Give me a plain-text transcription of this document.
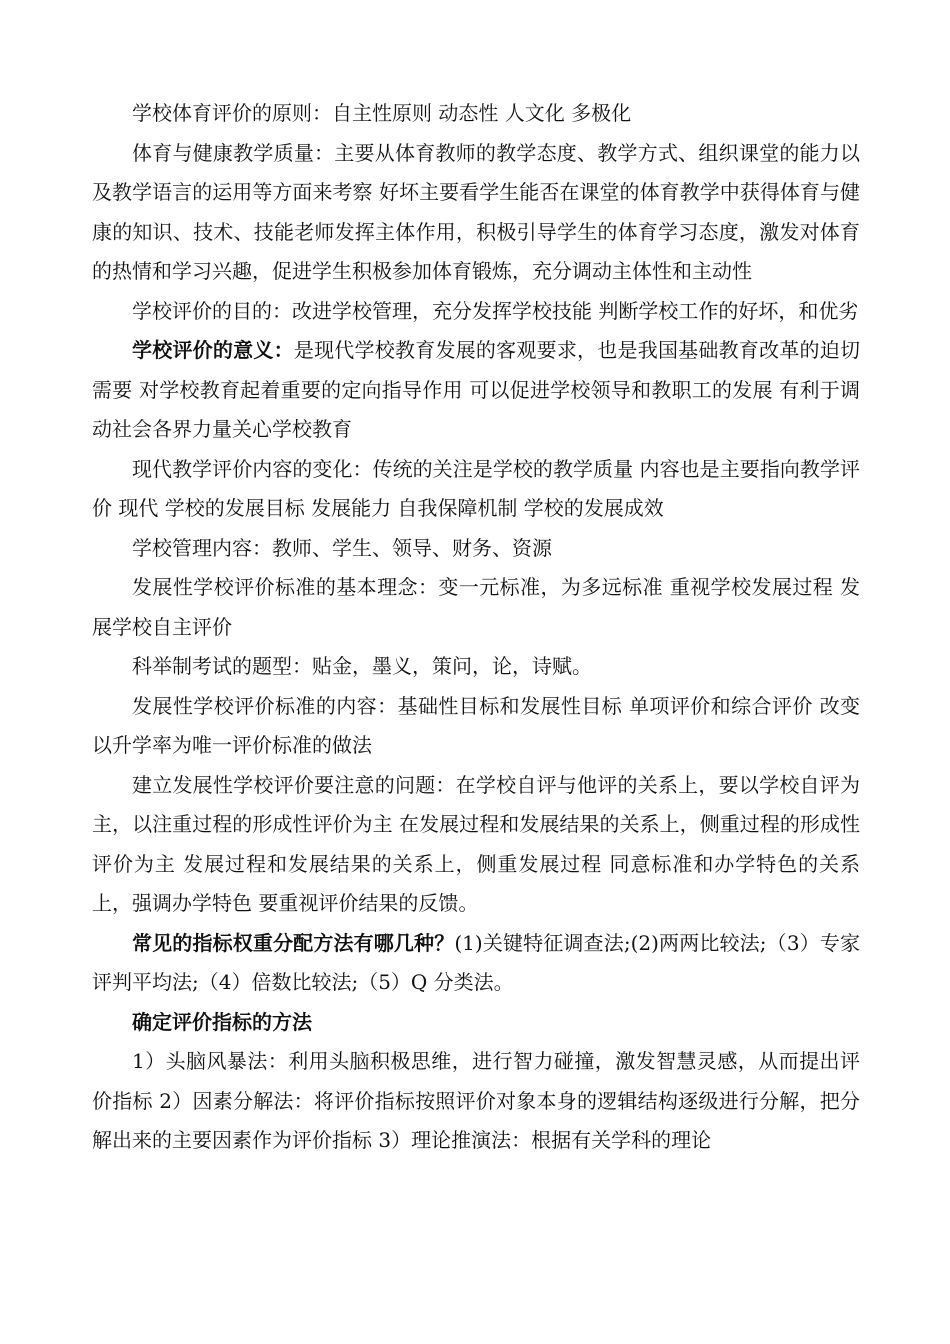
学校体育评价的原则：自主性原则 动态性 人文化 多极化

体育与健康教学质量：主要从体育教师的教学态度、教学方式、组织课堂的能力以及教学语言的运用等方面来考察 好坏主要看学生能否在课堂的体育教学中获得体育与健康的知识、技术、技能老师发挥主体作用，积极引导学生的体育学习态度，激发对体育的热情和学习兴趣，促进学生积极参加体育锻炼，充分调动主体性和主动性

学校评价的目的：改进学校管理，充分发挥学校技能 判断学校工作的好坏，和优劣

学校评价的意义：是现代学校教育发展的客观要求，也是我国基础教育改革的迫切需要 对学校教育起着重要的定向指导作用 可以促进学校领导和教职工的发展 有利于调动社会各界力量关心学校教育

现代教学评价内容的变化：传统的关注是学校的教学质量 内容也是主要指向教学评价 现代 学校的发展目标 发展能力 自我保障机制 学校的发展成效

学校管理内容：教师、学生、领导、财务、资源

发展性学校评价标准的基本理念：变一元标准，为多远标准 重视学校发展过程 发展学校自主评价

科举制考试的题型：贴金，墨义，策问，论，诗赋。

发展性学校评价标准的内容：基础性目标和发展性目标 单项评价和综合评价 改变以升学率为唯一评价标准的做法

建立发展性学校评价要注意的问题：在学校自评与他评的关系上，要以学校自评为主，以注重过程的形成性评价为主 在发展过程和发展结果的关系上，侧重过程的形成性评价为主 发展过程和发展结果的关系上，侧重发展过程 同意标准和办学特色的关系上，强调办学特色 要重视评价结果的反馈。

常见的指标权重分配方法有哪几种？(1)关键特征调查法;(2)两两比较法;（3）专家评判平均法;（4）倍数比较法;（5）Q 分类法。

确定评价指标的方法

1）头脑风暴法：利用头脑积极思维，进行智力碰撞，激发智慧灵感，从而提出评价指标 2）因素分解法：将评价指标按照评价对象本身的逻辑结构逐级进行分解，把分解出来的主要因素作为评价指标 3）理论推演法：根据有关学科的理论
